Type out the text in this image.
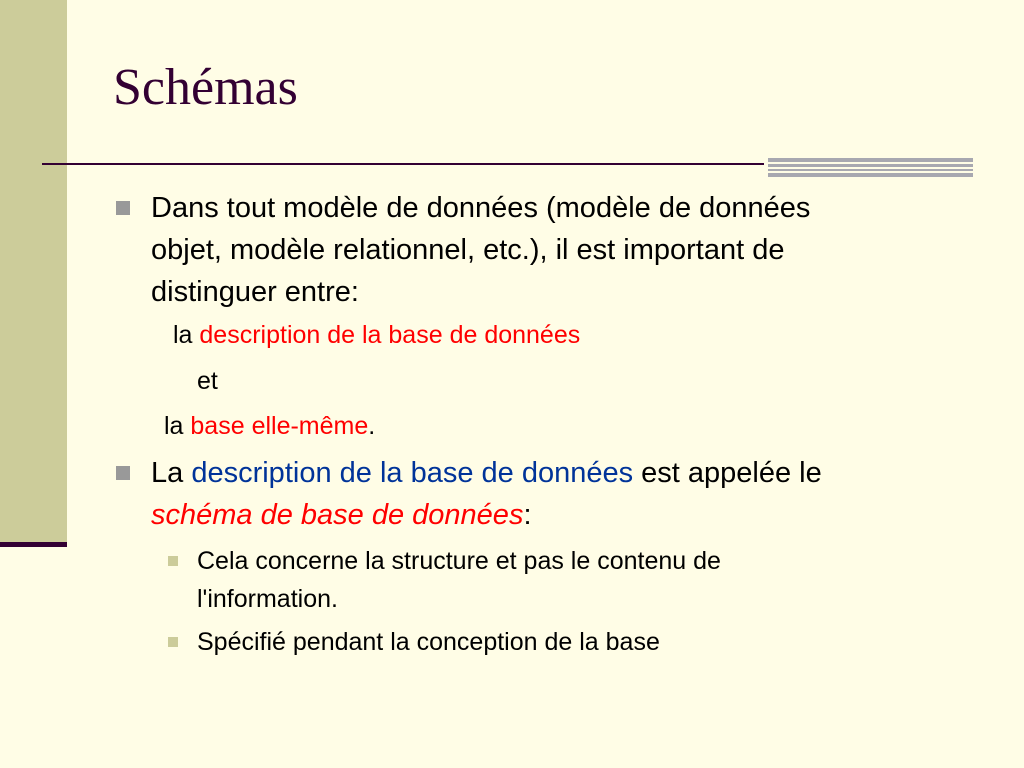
Schémas
Dans tout modèle de données (modèle de données
objet, modèle relationnel, etc.), il est important de
distinguer entre:
la description de la base de données
et
la base elle-même.
La description de la base de données est appelée le
schéma de base de données:
Cela concerne la structure et pas le contenu de
l'information.
Spécifié pendant la conception de la base
